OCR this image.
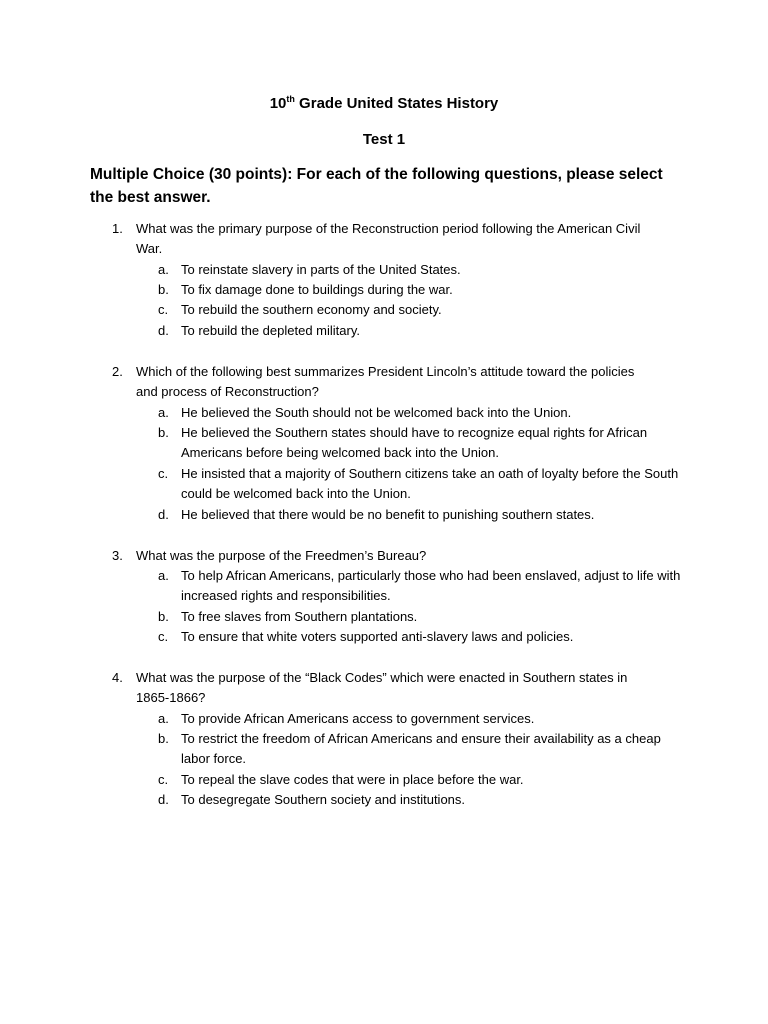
10th Grade United States History
Test 1
Multiple Choice (30 points): For each of the following questions, please select the best answer.
1.	What was the primary purpose of the Reconstruction period following the American Civil War.
a. To reinstate slavery in parts of the United States.
b. To fix damage done to buildings during the war.
c. To rebuild the southern economy and society.
d. To rebuild the depleted military.
2.	Which of the following best summarizes President Lincoln’s attitude toward the policies and process of Reconstruction?
a. He believed the South should not be welcomed back into the Union.
b. He believed the Southern states should have to recognize equal rights for African Americans before being welcomed back into the Union.
c. He insisted that a majority of Southern citizens take an oath of loyalty before the South could be welcomed back into the Union.
d. He believed that there would be no benefit to punishing southern states.
3.	What was the purpose of the Freedmen’s Bureau?
a. To help African Americans, particularly those who had been enslaved, adjust to life with increased rights and responsibilities.
b. To free slaves from Southern plantations.
c. To ensure that white voters supported anti-slavery laws and policies.
4.	What was the purpose of the “Black Codes” which were enacted in Southern states in 1865-1866?
a. To provide African Americans access to government services.
b. To restrict the freedom of African Americans and ensure their availability as a cheap labor force.
c. To repeal the slave codes that were in place before the war.
d. To desegregate Southern society and institutions.
